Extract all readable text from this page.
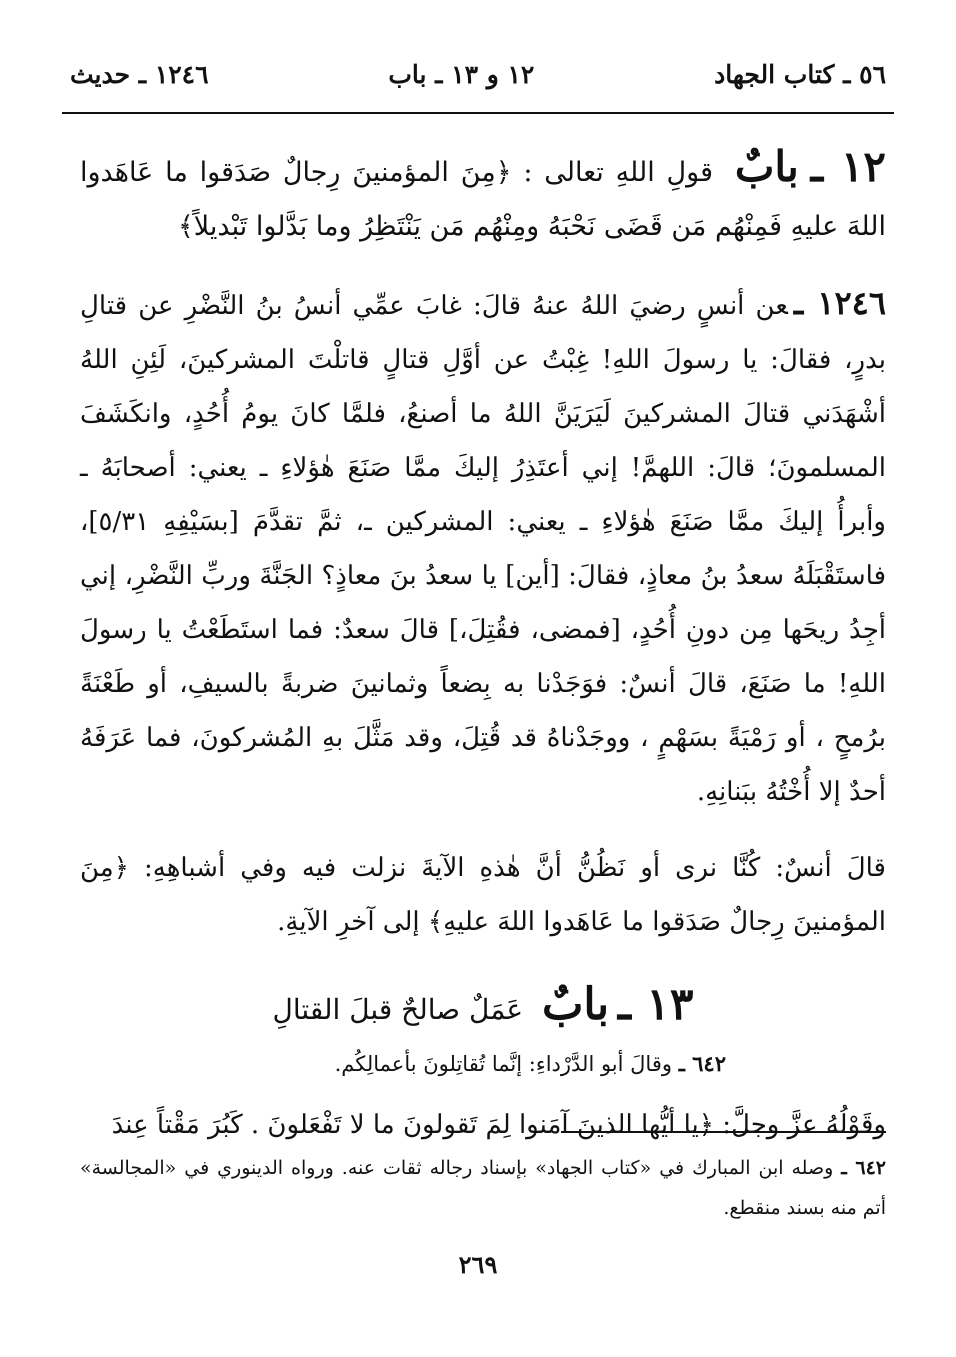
٥٦ ـ كتاب الجهاد
١٢ و ١٣ ـ باب
١٢٤٦ ـ حديث

١٢ ـ بابٌ قولِ اللهِ تعالى : ﴿مِنَ المؤمنينَ رِجالٌ صَدَقوا ما عَاهَدوا اللهَ عليهِ فَمِنْهُم مَن قَضَى نَحْبَهُ ومِنْهُم مَن يَنْتَظِرُ وما بَدَّلوا تَبْديلاً﴾

١٢٤٦ ـعن أنسٍ رضيَ اللهُ عنهُ قالَ: غابَ عمِّي أنسُ بنُ النَّضْرِ عن قتالِ بدرٍ، فقالَ: يا رسولَ اللهِ! غِبْتُ عن أوَّلِ قتالٍ قاتلْتَ المشركينَ، لَئِنِ اللهُ أشْهَدَني قتالَ المشركينَ لَيَرَيَنَّ اللهُ ما أصنعُ، فلمَّا كانَ يومُ أُحُدٍ، وانكَشَفَ المسلمونَ؛ قالَ: اللهمَّ! إني أعتَذِرُ إليكَ ممَّا صَنَعَ هٰؤلاءِ ـ يعني: أصحابَهُ ـ وأبرأُ إليكَ ممَّا صَنَعَ هٰؤلاءِ ـ يعني: المشركين ـ، ثمَّ تقدَّمَ [بسَيْفِهِ ٥/٣١]، فاستَقْبَلَهُ سعدُ بنُ معاذٍ، فقالَ: [أين] يا سعدُ بنَ معاذٍ؟ الجَنَّةَ وربِّ النَّضْرِ، إني أجِدُ ريحَها مِن دونِ أُحُدٍ، [فمضى، فقُتِلَ،] قالَ سعدٌ: فما استَطَعْتُ يا رسولَ اللهِ! ما صَنَعَ، قالَ أنسٌ: فوَجَدْنا به بِضعاً وثمانينَ ضربةً بالسيفِ، أو طَعْنَةً برُمحٍ ، أو رَمْيَةً بسَهْمٍ ، ووجَدْناهُ قد قُتِلَ، وقد مَثَّلَ بهِ المُشركونَ، فما عَرَفَهُ أحدٌ إلا أُخْتُهُ ببَنانِهِ.

قالَ أنسٌ: كُنَّا نرى أو نَظُنُّ أنَّ هٰذهِ الآيةَ نزلت فيه وفي أشباهِهِ: ﴿مِنَ المؤمنينَ رِجالٌ صَدَقوا ما عَاهَدوا اللهَ عليهِ﴾ إلى آخرِ الآيةِ.

١٣ ـ بابٌ عَمَلٌ صالحٌ قبلَ القتالِ

٦٤٢ ـ وقالَ أبو الدَّرْداءِ: إنَّما تُقاتِلونَ بأعمالِكُم.

وقَوْلُهُ عزَّ وجلَّ: ﴿يا أيُّها الذينَ آمَنوا لِمَ تَقولونَ ما لا تَفْعَلونَ . كَبُرَ مَقْتاً عِندَ

٦٤٢ ـ وصله ابن المبارك في «كتاب الجهاد» بإسناد رجاله ثقات عنه. ورواه الدينوري في «المجالسة» أتم منه بسند منقطع.

٢٦٩
